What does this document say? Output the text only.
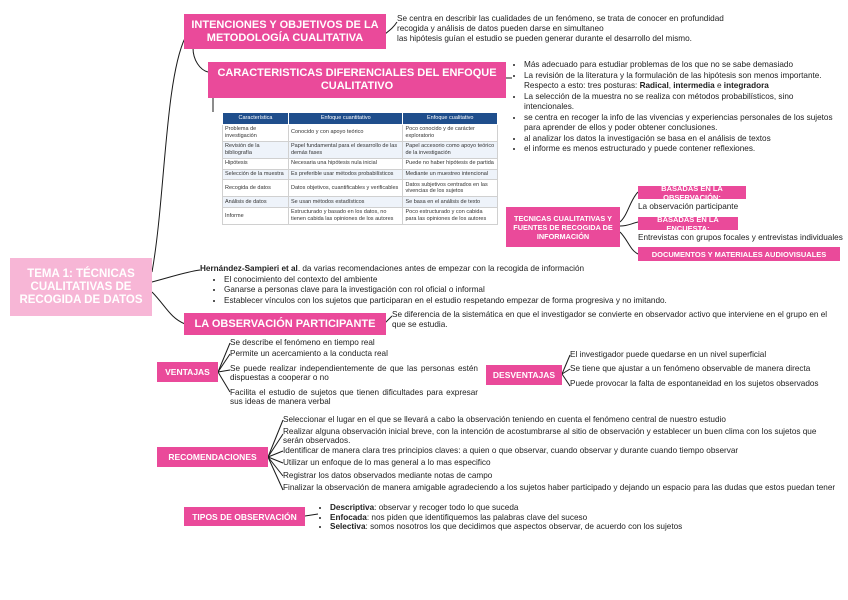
TEMA 1: TÉCNICAS CUALITATIVAS DE RECOGIDA DE DATOS
INTENCIONES Y OBJETIVOS DE LA METODOLOGÍA CUALITATIVA
Se centra en describir las cualidades de un fenómeno, se trata de conocer en profundidad
recogida y análisis de datos pueden darse en simultaneo
las hipótesis guían el estudio se pueden generar durante el desarrollo del mismo.
CARACTERISTICAS DIFERENCIALES DEL ENFOQUE CUALITATIVO
Característica	Enfoque cuantitativo	Enfoque cualitativo
Problema de investigación	Conocido y con apoyo teórico	Poco conocido y de carácter exploratorio
Revisión de la bibliografía	Papel fundamental para el desarrollo de las demás fases	Papel accesorio como apoyo teórico de la investigación
Hipótesis	Necesaria una hipótesis nula inicial	Puede no haber hipótesis de partida
Selección de la muestra	Es preferible usar métodos probabilísticos	Mediante un muestreo intencional
Recogida de datos	Datos objetivos, cuantificables y verificables	Datos subjetivos centrados en las vivencias de los sujetos
Análisis de datos	Se usan métodos estadísticos	Se basa en el análisis de texto
Informe	Estructurado y basado en los datos, no tienen cabida las opiniones de los autores	Poco estructurado y con cabida para las opiniones de los autores
• Más adecuado para estudiar problemas de los que no se sabe demasiado
• La revisión de la literatura y la formulación de las hipótesis son menos importante. Respecto a esto: tres posturas: Radical, intermedia e integradora
• La selección de la muestra no se realiza con métodos probabilísticos, sino intencionales.
• se centra en recoger la info de las vivencias y experiencias personales de los sujetos para aprender de ellos y poder obtener conclusiones.
• al analizar los datos la investigación se basa en el análisis de textos
• el informe es menos estructurado y puede contener reflexiones.
TECNICAS CUALITATIVAS Y FUENTES DE RECOGIDA DE INFORMACIÓN
BASADAS EN LA OBSERVACIÓN:
La observación participante
BASADAS EN LA ENCUESTA:
Entrevistas con grupos focales y entrevistas individuales
DOCUMENTOS Y MATERIALES AUDIOVISUALES
Hernández-Sampieri et al. da varias recomendaciones antes de empezar con la recogida de información
• El conocimiento del contexto del ambiente
• Ganarse a personas clave para la investigación con rol oficial o informal
• Establecer vínculos con los sujetos que participaran en el estudio respetando empezar de forma progresiva y no imitando.
LA OBSERVACIÓN PARTICIPANTE
Se diferencia de la sistemática en que el investigador se convierte en observador activo que interviene en el grupo en el que se estudia.
VENTAJAS
Se describe el fenómeno en tiempo real
Permite un acercamiento a la conducta real
Se puede realizar independientemente de que las personas estén dispuestas a cooperar o no
Facilita el estudio de sujetos que tienen dificultades para expresar sus ideas de manera verbal
DESVENTAJAS
El investigador puede quedarse en un nivel superficial
Se tiene que ajustar a un fenómeno observable de manera directa
Puede provocar la falta de espontaneidad en los sujetos observados
RECOMENDACIONES
Seleccionar el lugar en el que se llevará a cabo la observación teniendo en cuenta el fenómeno central de nuestro estudio
Realizar alguna observación inicial breve, con la intención de acostumbrarse al sitio de observación y establecer un buen clima con los sujetos que serán observados.
Identificar de manera clara tres principios claves: a quien o que observar, cuando observar y durante cuando tiempo observar
Utilizar un enfoque de lo mas general a lo mas especifico
Registrar los datos observados mediante notas de campo
Finalizar la observación de manera amigable agradeciendo a los sujetos haber participado y dejando un espacio para las dudas que estos puedan tener
TIPOS DE OBSERVACIÓN
• Descriptiva: observar y recoger todo lo que suceda
• Enfocada: nos piden que identifiquemos las palabras clave del suceso
• Selectiva: somos nosotros los que decidimos que aspectos observar, de acuerdo con los sujetos
